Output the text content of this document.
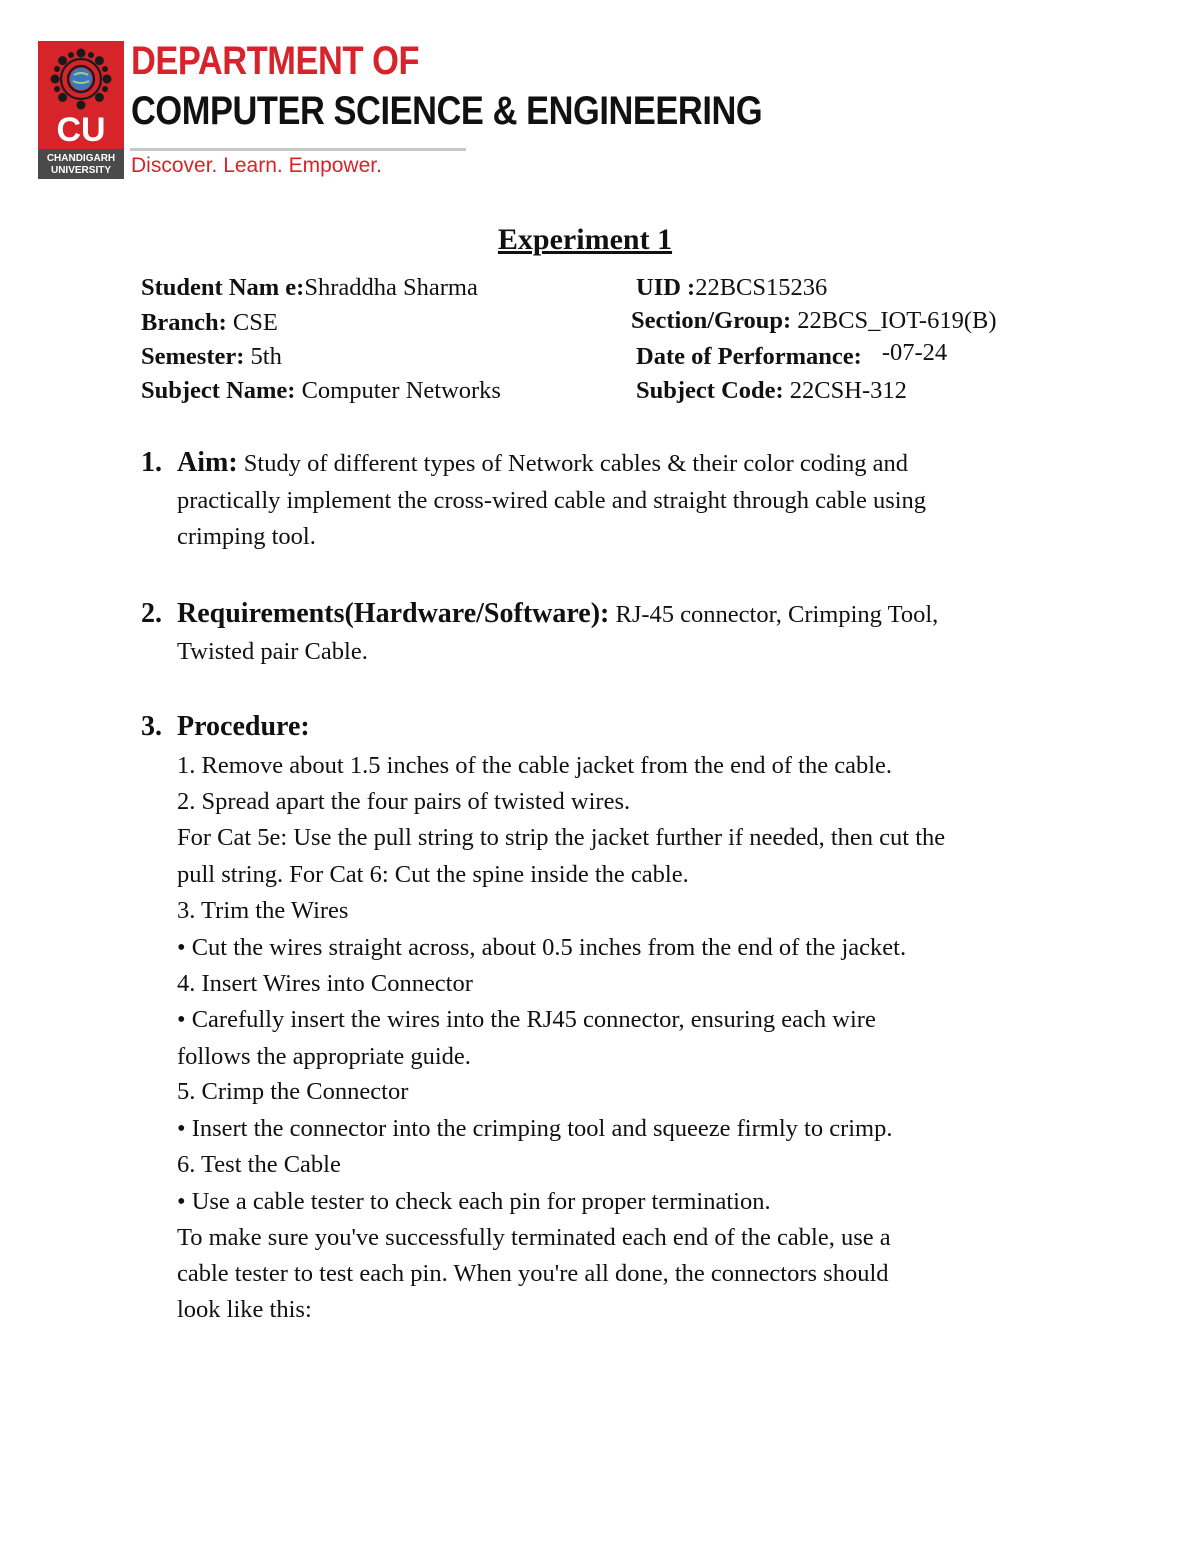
CU
CHANDIGARH
UNIVERSITY
DEPARTMENT OF
COMPUTER SCIENCE & ENGINEERING

Discover. Learn. Empower.

Experiment 1
Student Nam e:Shraddha Sharma	UID :22BCS15236
Branch: CSE	Section/Group: 22BCS_IOT-619(B)
Semester: 5th	Date of Performance: -07-24
Subject Name: Computer Networks	Subject Code: 22CSH-312
1. Aim: Study of different types of Network cables & their color coding and
practically implement the cross-wired cable and straight through cable using
crimping tool.
2. Requirements(Hardware/Software): RJ-45 connector, Crimping Tool,
Twisted pair Cable.
3. Procedure:
1. Remove about 1.5 inches of the cable jacket from the end of the cable.
2. Spread apart the four pairs of twisted wires.
For Cat 5e: Use the pull string to strip the jacket further if needed, then cut the
pull string. For Cat 6: Cut the spine inside the cable.
3. Trim the Wires
• Cut the wires straight across, about 0.5 inches from the end of the jacket.
4. Insert Wires into Connector
• Carefully insert the wires into the RJ45 connector, ensuring each wire
follows the appropriate guide.
5. Crimp the Connector
• Insert the connector into the crimping tool and squeeze firmly to crimp.
6. Test the Cable
• Use a cable tester to check each pin for proper termination.
To make sure you've successfully terminated each end of the cable, use a
cable tester to test each pin. When you're all done, the connectors should
look like this:
